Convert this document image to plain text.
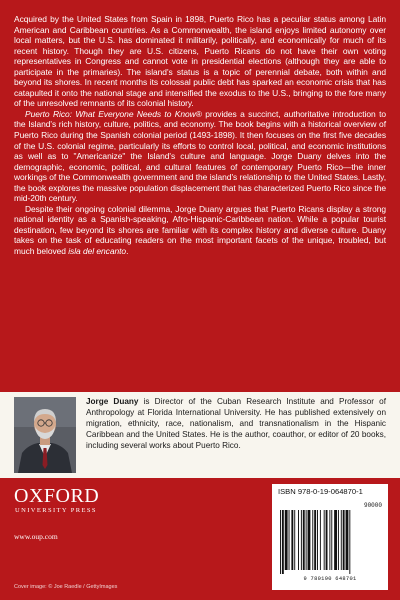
Acquired by the United States from Spain in 1898, Puerto Rico has a peculiar status among Latin American and Caribbean countries. As a Commonwealth, the island enjoys limited autonomy over local matters, but the U.S. has dominated it militarily, politically, and economically for much of its recent history. Though they are U.S. citizens, Puerto Ricans do not have their own voting representatives in Congress and cannot vote in presidential elections (although they are able to participate in the primaries). The island's status is a topic of perennial debate, both within and beyond its shores. In recent months its colossal public debt has sparked an economic crisis that has catapulted it onto the national stage and intensified the exodus to the U.S., bringing to the fore many of the unresolved remnants of its colonial history.

Puerto Rico: What Everyone Needs to Know® provides a succinct, authoritative introduction to the Island's rich history, culture, politics, and economy. The book begins with a historical overview of Puerto Rico during the Spanish colonial period (1493-1898). It then focuses on the first five decades of the U.S. colonial regime, particularly its efforts to control local, political, and economic institutions as well as to "Americanize" the Island's culture and language. Jorge Duany delves into the demographic, economic, political, and cultural features of contemporary Puerto Rico—the inner workings of the Commonwealth government and the island's relationship to the United States. Lastly, the book explores the massive population displacement that has characterized Puerto Rico since the mid-20th century.

Despite their ongoing colonial dilemma, Jorge Duany argues that Puerto Ricans display a strong national identity as a Spanish-speaking, Afro-Hispanic-Caribbean nation. While a popular tourist destination, few beyond its shores are familiar with its complex history and diverse culture. Duany takes on the task of educating readers on the most important facets of the unique, troubled, but much beloved isla del encanto.

Jorge Duany is Director of the Cuban Research Institute and Professor of Anthropology at Florida International University. He has published extensively on migration, ethnicity, race, nationalism, and transnationalism in the Hispanic Caribbean and the United States. He is the author, coauthor, or editor of 20 books, including several works about Puerto Rico.
OXFORD
UNIVERSITY PRESS
www.oup.com
Cover image: © Joe Raedle / GettyImages
ISBN 978-0-19-064870-1
90000
9 780190 648701
